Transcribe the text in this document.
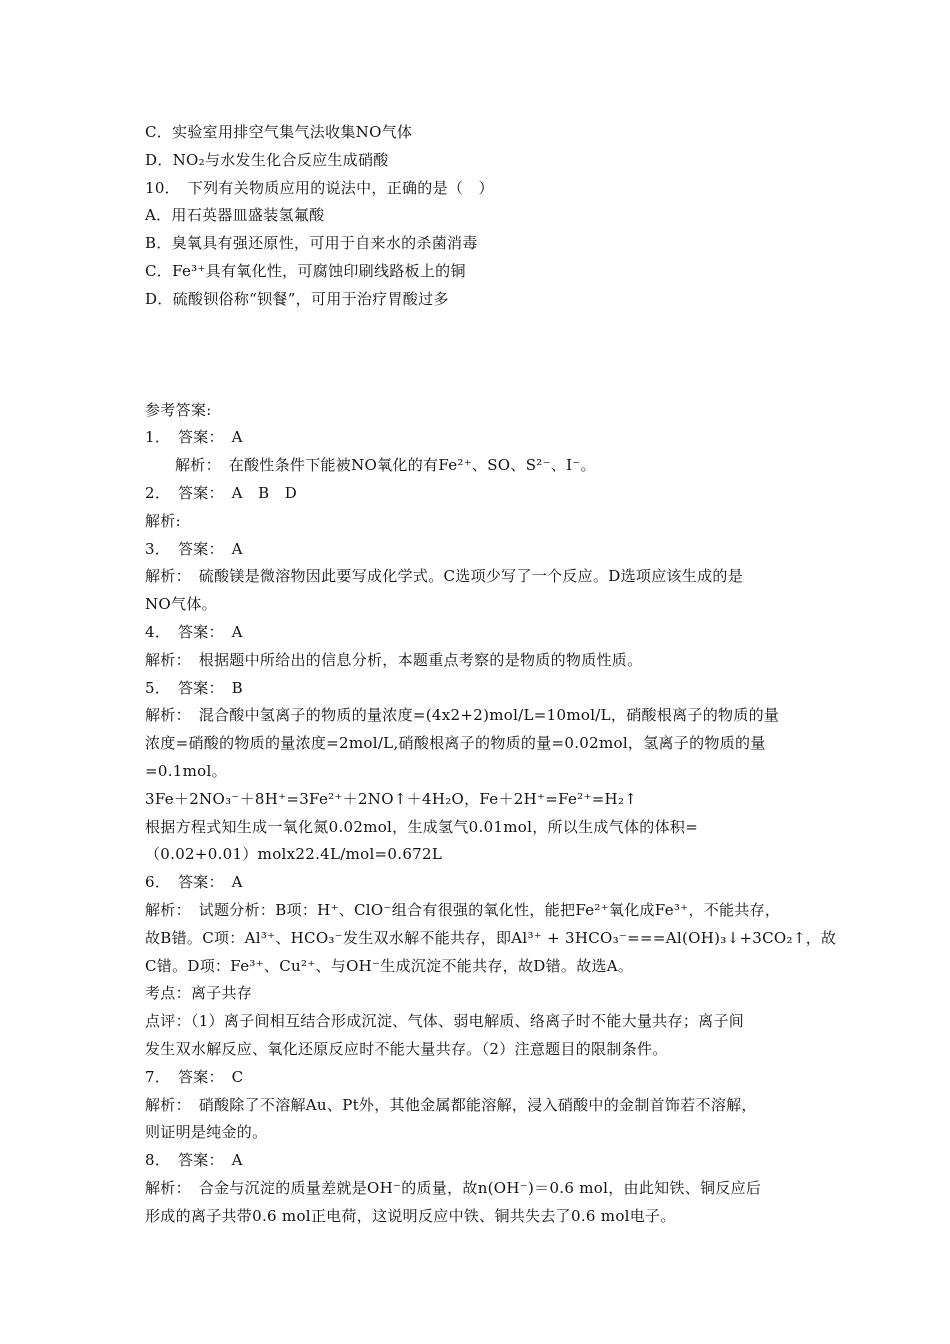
C．实验室用排空气集气法收集NO气体
D．NO₂与水发生化合反应生成硝酸
10．　下列有关物质应用的说法中，正确的是（　）
A．用石英器皿盛装氢氟酸
B．臭氧具有强还原性，可用于自来水的杀菌消毒
C．Fe³⁺具有氧化性，可腐蚀印刷线路板上的铜
D．硫酸钡俗称“钡餐”，可用于治疗胃酸过多
参考答案:
1．　答案：　A
解析：　在酸性条件下能被NO氧化的有Fe²⁺、SO、S²⁻、I⁻。
2．　答案：　A　B　D
解析:
3．　答案：　A
解析：　硫酸镁是微溶物因此要写成化学式。C选项少写了一个反应。D选项应该生成的是
NO气体。
4．　答案：　A
解析：　根据题中所给出的信息分析，本题重点考察的是物质的物质性质。
5．　答案：　B
解析：　混合酸中氢离子的物质的量浓度=(4x2+2)mol/L=10mol/L，硝酸根离子的物质的量
浓度=硝酸的物质的量浓度=2mol/L,硝酸根离子的物质的量=0.02mol，氢离子的物质的量
=0.1mol。
3Fe＋2NO₃⁻＋8H⁺=3Fe²⁺＋2NO↑＋4H₂O，Fe＋2H⁺=Fe²⁺=H₂↑
根据方程式知生成一氧化氮0.02mol，生成氢气0.01mol，所以生成气体的体积=
（0.02+0.01）molx22.4L/mol=0.672L
6．　答案：　A
解析：　试题分析：B项：H⁺、ClO⁻组合有很强的氧化性，能把Fe²⁺氧化成Fe³⁺，不能共存，
故B错。C项：Al³⁺、HCO₃⁻发生双水解不能共存，即Al³⁺ + 3HCO₃⁻===Al(OH)₃↓+3CO₂↑，故
C错。D项：Fe³⁺、Cu²⁺、与OH⁻生成沉淀不能共存，故D错。故选A。
考点：离子共存
点评：（1）离子间相互结合形成沉淀、气体、弱电解质、络离子时不能大量共存；离子间
发生双水解反应、氧化还原反应时不能大量共存。（2）注意题目的限制条件。
7．　答案：　C
解析：　硝酸除了不溶解Au、Pt外，其他金属都能溶解，浸入硝酸中的金制首饰若不溶解，
则证明是纯金的。
8．　答案：　A
解析：　合金与沉淀的质量差就是OH⁻的质量，故n(OH⁻)＝0.6 mol，由此知铁、铜反应后
形成的离子共带0.6 mol正电荷，这说明反应中铁、铜共失去了0.6 mol电子。
